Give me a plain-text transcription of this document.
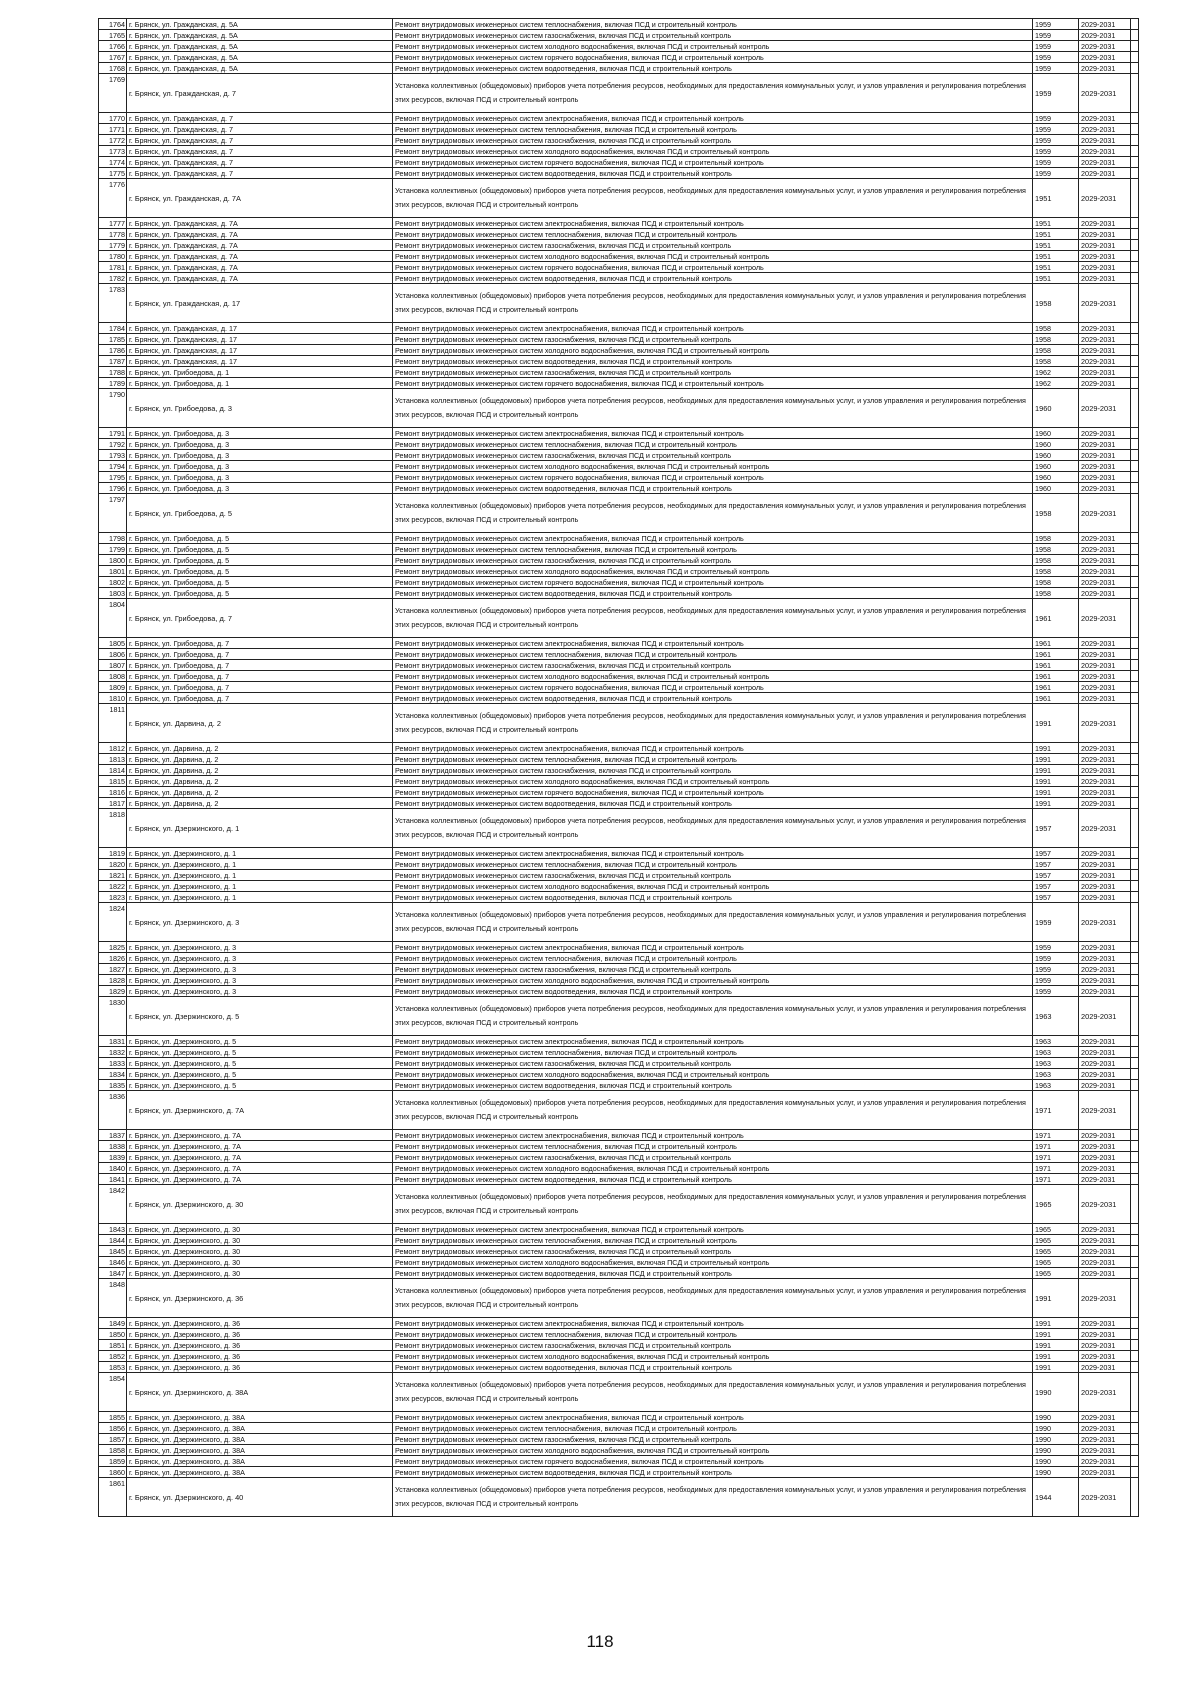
1764	г. Брянск, ул. Гражданская, д. 5А	Ремонт внутридомовых инженерных систем теплоснабжения, включая ПСД и строительный контроль	1959	2029-2031	
1765	г. Брянск, ул. Гражданская, д. 5А	Ремонт внутридомовых инженерных систем газоснабжения, включая ПСД и строительный контроль	1959	2029-2031	
1766	г. Брянск, ул. Гражданская, д. 5А	Ремонт внутридомовых инженерных систем холодного водоснабжения, включая ПСД и строительный контроль	1959	2029-2031	
1767	г. Брянск, ул. Гражданская, д. 5А	Ремонт внутридомовых инженерных систем горячего водоснабжения, включая ПСД и строительный контроль	1959	2029-2031	
1768	г. Брянск, ул. Гражданская, д. 5А	Ремонт внутридомовых инженерных систем водоотведения, включая ПСД и строительный контроль	1959	2029-2031	
1769	г. Брянск, ул. Гражданская, д. 7	Установка коллективных (общедомовых) приборов учета потребления ресурсов, необходимых для предоставления коммунальных услуг, и узлов управления и регулирования потребления этих ресурсов, включая ПСД и строительный контроль	1959	2029-2031	
1770	г. Брянск, ул. Гражданская, д. 7	Ремонт внутридомовых инженерных систем электроснабжения, включая ПСД и строительный контроль	1959	2029-2031	
1771	г. Брянск, ул. Гражданская, д. 7	Ремонт внутридомовых инженерных систем теплоснабжения, включая ПСД и строительный контроль	1959	2029-2031	
1772	г. Брянск, ул. Гражданская, д. 7	Ремонт внутридомовых инженерных систем газоснабжения, включая ПСД и строительный контроль	1959	2029-2031	
1773	г. Брянск, ул. Гражданская, д. 7	Ремонт внутридомовых инженерных систем холодного водоснабжения, включая ПСД и строительный контроль	1959	2029-2031	
1774	г. Брянск, ул. Гражданская, д. 7	Ремонт внутридомовых инженерных систем горячего водоснабжения, включая ПСД и строительный контроль	1959	2029-2031	
1775	г. Брянск, ул. Гражданская, д. 7	Ремонт внутридомовых инженерных систем водоотведения, включая ПСД и строительный контроль	1959	2029-2031	
1776	г. Брянск, ул. Гражданская, д. 7А	Установка коллективных (общедомовых) приборов учета потребления ресурсов, необходимых для предоставления коммунальных услуг, и узлов управления и регулирования потребления этих ресурсов, включая ПСД и строительный контроль	1951	2029-2031	
1777	г. Брянск, ул. Гражданская, д. 7А	Ремонт внутридомовых инженерных систем электроснабжения, включая ПСД и строительный контроль	1951	2029-2031	
1778	г. Брянск, ул. Гражданская, д. 7А	Ремонт внутридомовых инженерных систем теплоснабжения, включая ПСД и строительный контроль	1951	2029-2031	
1779	г. Брянск, ул. Гражданская, д. 7А	Ремонт внутридомовых инженерных систем газоснабжения, включая ПСД и строительный контроль	1951	2029-2031	
1780	г. Брянск, ул. Гражданская, д. 7А	Ремонт внутридомовых инженерных систем холодного водоснабжения, включая ПСД и строительный контроль	1951	2029-2031	
1781	г. Брянск, ул. Гражданская, д. 7А	Ремонт внутридомовых инженерных систем горячего водоснабжения, включая ПСД и строительный контроль	1951	2029-2031	
1782	г. Брянск, ул. Гражданская, д. 7А	Ремонт внутридомовых инженерных систем водоотведения, включая ПСД и строительный контроль	1951	2029-2031	
1783	г. Брянск, ул. Гражданская, д. 17	Установка коллективных (общедомовых) приборов учета потребления ресурсов, необходимых для предоставления коммунальных услуг, и узлов управления и регулирования потребления этих ресурсов, включая ПСД и строительный контроль	1958	2029-2031	
1784	г. Брянск, ул. Гражданская, д. 17	Ремонт внутридомовых инженерных систем электроснабжения, включая ПСД и строительный контроль	1958	2029-2031	
1785	г. Брянск, ул. Гражданская, д. 17	Ремонт внутридомовых инженерных систем газоснабжения, включая ПСД и строительный контроль	1958	2029-2031	
1786	г. Брянск, ул. Гражданская, д. 17	Ремонт внутридомовых инженерных систем холодного водоснабжения, включая ПСД и строительный контроль	1958	2029-2031	
1787	г. Брянск, ул. Гражданская, д. 17	Ремонт внутридомовых инженерных систем водоотведения, включая ПСД и строительный контроль	1958	2029-2031	
1788	г. Брянск, ул. Грибоедова, д. 1	Ремонт внутридомовых инженерных систем газоснабжения, включая ПСД и строительный контроль	1962	2029-2031	
1789	г. Брянск, ул. Грибоедова, д. 1	Ремонт внутридомовых инженерных систем горячего водоснабжения, включая ПСД и строительный контроль	1962	2029-2031	
1790	г. Брянск, ул. Грибоедова, д. 3	Установка коллективных (общедомовых) приборов учета потребления ресурсов, необходимых для предоставления коммунальных услуг, и узлов управления и регулирования потребления этих ресурсов, включая ПСД и строительный контроль	1960	2029-2031	
1791	г. Брянск, ул. Грибоедова, д. 3	Ремонт внутридомовых инженерных систем электроснабжения, включая ПСД и строительный контроль	1960	2029-2031	
1792	г. Брянск, ул. Грибоедова, д. 3	Ремонт внутридомовых инженерных систем теплоснабжения, включая ПСД и строительный контроль	1960	2029-2031	
1793	г. Брянск, ул. Грибоедова, д. 3	Ремонт внутридомовых инженерных систем газоснабжения, включая ПСД и строительный контроль	1960	2029-2031	
1794	г. Брянск, ул. Грибоедова, д. 3	Ремонт внутридомовых инженерных систем холодного водоснабжения, включая ПСД и строительный контроль	1960	2029-2031	
1795	г. Брянск, ул. Грибоедова, д. 3	Ремонт внутридомовых инженерных систем горячего водоснабжения, включая ПСД и строительный контроль	1960	2029-2031	
1796	г. Брянск, ул. Грибоедова, д. 3	Ремонт внутридомовых инженерных систем водоотведения, включая ПСД и строительный контроль	1960	2029-2031	
1797	г. Брянск, ул. Грибоедова, д. 5	Установка коллективных (общедомовых) приборов учета потребления ресурсов, необходимых для предоставления коммунальных услуг, и узлов управления и регулирования потребления этих ресурсов, включая ПСД и строительный контроль	1958	2029-2031	
1798	г. Брянск, ул. Грибоедова, д. 5	Ремонт внутридомовых инженерных систем электроснабжения, включая ПСД и строительный контроль	1958	2029-2031	
1799	г. Брянск, ул. Грибоедова, д. 5	Ремонт внутридомовых инженерных систем теплоснабжения, включая ПСД и строительный контроль	1958	2029-2031	
1800	г. Брянск, ул. Грибоедова, д. 5	Ремонт внутридомовых инженерных систем газоснабжения, включая ПСД и строительный контроль	1958	2029-2031	
1801	г. Брянск, ул. Грибоедова, д. 5	Ремонт внутридомовых инженерных систем холодного водоснабжения, включая ПСД и строительный контроль	1958	2029-2031	
1802	г. Брянск, ул. Грибоедова, д. 5	Ремонт внутридомовых инженерных систем горячего водоснабжения, включая ПСД и строительный контроль	1958	2029-2031	
1803	г. Брянск, ул. Грибоедова, д. 5	Ремонт внутридомовых инженерных систем водоотведения, включая ПСД и строительный контроль	1958	2029-2031	
1804	г. Брянск, ул. Грибоедова, д. 7	Установка коллективных (общедомовых) приборов учета потребления ресурсов, необходимых для предоставления коммунальных услуг, и узлов управления и регулирования потребления этих ресурсов, включая ПСД и строительный контроль	1961	2029-2031	
1805	г. Брянск, ул. Грибоедова, д. 7	Ремонт внутридомовых инженерных систем электроснабжения, включая ПСД и строительный контроль	1961	2029-2031	
1806	г. Брянск, ул. Грибоедова, д. 7	Ремонт внутридомовых инженерных систем теплоснабжения, включая ПСД и строительный контроль	1961	2029-2031	
1807	г. Брянск, ул. Грибоедова, д. 7	Ремонт внутридомовых инженерных систем газоснабжения, включая ПСД и строительный контроль	1961	2029-2031	
1808	г. Брянск, ул. Грибоедова, д. 7	Ремонт внутридомовых инженерных систем холодного водоснабжения, включая ПСД и строительный контроль	1961	2029-2031	
1809	г. Брянск, ул. Грибоедова, д. 7	Ремонт внутридомовых инженерных систем горячего водоснабжения, включая ПСД и строительный контроль	1961	2029-2031	
1810	г. Брянск, ул. Грибоедова, д. 7	Ремонт внутридомовых инженерных систем водоотведения, включая ПСД и строительный контроль	1961	2029-2031	
1811	г. Брянск, ул. Дарвина, д. 2	Установка коллективных (общедомовых) приборов учета потребления ресурсов, необходимых для предоставления коммунальных услуг, и узлов управления и регулирования потребления этих ресурсов, включая ПСД и строительный контроль	1991	2029-2031	
1812	г. Брянск, ул. Дарвина, д. 2	Ремонт внутридомовых инженерных систем электроснабжения, включая ПСД и строительный контроль	1991	2029-2031	
1813	г. Брянск, ул. Дарвина, д. 2	Ремонт внутридомовых инженерных систем теплоснабжения, включая ПСД и строительный контроль	1991	2029-2031	
1814	г. Брянск, ул. Дарвина, д. 2	Ремонт внутридомовых инженерных систем газоснабжения, включая ПСД и строительный контроль	1991	2029-2031	
1815	г. Брянск, ул. Дарвина, д. 2	Ремонт внутридомовых инженерных систем холодного водоснабжения, включая ПСД и строительный контроль	1991	2029-2031	
1816	г. Брянск, ул. Дарвина, д. 2	Ремонт внутридомовых инженерных систем горячего водоснабжения, включая ПСД и строительный контроль	1991	2029-2031	
1817	г. Брянск, ул. Дарвина, д. 2	Ремонт внутридомовых инженерных систем водоотведения, включая ПСД и строительный контроль	1991	2029-2031	
1818	г. Брянск, ул. Дзержинского, д. 1	Установка коллективных (общедомовых) приборов учета потребления ресурсов, необходимых для предоставления коммунальных услуг, и узлов управления и регулирования потребления этих ресурсов, включая ПСД и строительный контроль	1957	2029-2031	
1819	г. Брянск, ул. Дзержинского, д. 1	Ремонт внутридомовых инженерных систем электроснабжения, включая ПСД и строительный контроль	1957	2029-2031	
1820	г. Брянск, ул. Дзержинского, д. 1	Ремонт внутридомовых инженерных систем теплоснабжения, включая ПСД и строительный контроль	1957	2029-2031	
1821	г. Брянск, ул. Дзержинского, д. 1	Ремонт внутридомовых инженерных систем газоснабжения, включая ПСД и строительный контроль	1957	2029-2031	
1822	г. Брянск, ул. Дзержинского, д. 1	Ремонт внутридомовых инженерных систем холодного водоснабжения, включая ПСД и строительный контроль	1957	2029-2031	
1823	г. Брянск, ул. Дзержинского, д. 1	Ремонт внутридомовых инженерных систем водоотведения, включая ПСД и строительный контроль	1957	2029-2031	
1824	г. Брянск, ул. Дзержинского, д. 3	Установка коллективных (общедомовых) приборов учета потребления ресурсов, необходимых для предоставления коммунальных услуг, и узлов управления и регулирования потребления этих ресурсов, включая ПСД и строительный контроль	1959	2029-2031	
1825	г. Брянск, ул. Дзержинского, д. 3	Ремонт внутридомовых инженерных систем электроснабжения, включая ПСД и строительный контроль	1959	2029-2031	
1826	г. Брянск, ул. Дзержинского, д. 3	Ремонт внутридомовых инженерных систем теплоснабжения, включая ПСД и строительный контроль	1959	2029-2031	
1827	г. Брянск, ул. Дзержинского, д. 3	Ремонт внутридомовых инженерных систем газоснабжения, включая ПСД и строительный контроль	1959	2029-2031	
1828	г. Брянск, ул. Дзержинского, д. 3	Ремонт внутридомовых инженерных систем холодного водоснабжения, включая ПСД и строительный контроль	1959	2029-2031	
1829	г. Брянск, ул. Дзержинского, д. 3	Ремонт внутридомовых инженерных систем водоотведения, включая ПСД и строительный контроль	1959	2029-2031	
1830	г. Брянск, ул. Дзержинского, д. 5	Установка коллективных (общедомовых) приборов учета потребления ресурсов, необходимых для предоставления коммунальных услуг, и узлов управления и регулирования потребления этих ресурсов, включая ПСД и строительный контроль	1963	2029-2031	
1831	г. Брянск, ул. Дзержинского, д. 5	Ремонт внутридомовых инженерных систем электроснабжения, включая ПСД и строительный контроль	1963	2029-2031	
1832	г. Брянск, ул. Дзержинского, д. 5	Ремонт внутридомовых инженерных систем теплоснабжения, включая ПСД и строительный контроль	1963	2029-2031	
1833	г. Брянск, ул. Дзержинского, д. 5	Ремонт внутридомовых инженерных систем газоснабжения, включая ПСД и строительный контроль	1963	2029-2031	
1834	г. Брянск, ул. Дзержинского, д. 5	Ремонт внутридомовых инженерных систем холодного водоснабжения, включая ПСД и строительный контроль	1963	2029-2031	
1835	г. Брянск, ул. Дзержинского, д. 5	Ремонт внутридомовых инженерных систем водоотведения, включая ПСД и строительный контроль	1963	2029-2031	
1836	г. Брянск, ул. Дзержинского, д. 7А	Установка коллективных (общедомовых) приборов учета потребления ресурсов, необходимых для предоставления коммунальных услуг, и узлов управления и регулирования потребления этих ресурсов, включая ПСД и строительный контроль	1971	2029-2031	
1837	г. Брянск, ул. Дзержинского, д. 7А	Ремонт внутридомовых инженерных систем электроснабжения, включая ПСД и строительный контроль	1971	2029-2031	
1838	г. Брянск, ул. Дзержинского, д. 7А	Ремонт внутридомовых инженерных систем теплоснабжения, включая ПСД и строительный контроль	1971	2029-2031	
1839	г. Брянск, ул. Дзержинского, д. 7А	Ремонт внутридомовых инженерных систем газоснабжения, включая ПСД и строительный контроль	1971	2029-2031	
1840	г. Брянск, ул. Дзержинского, д. 7А	Ремонт внутридомовых инженерных систем холодного водоснабжения, включая ПСД и строительный контроль	1971	2029-2031	
1841	г. Брянск, ул. Дзержинского, д. 7А	Ремонт внутридомовых инженерных систем водоотведения, включая ПСД и строительный контроль	1971	2029-2031	
1842	г. Брянск, ул. Дзержинского, д. 30	Установка коллективных (общедомовых) приборов учета потребления ресурсов, необходимых для предоставления коммунальных услуг, и узлов управления и регулирования потребления этих ресурсов, включая ПСД и строительный контроль	1965	2029-2031	
1843	г. Брянск, ул. Дзержинского, д. 30	Ремонт внутридомовых инженерных систем электроснабжения, включая ПСД и строительный контроль	1965	2029-2031	
1844	г. Брянск, ул. Дзержинского, д. 30	Ремонт внутридомовых инженерных систем теплоснабжения, включая ПСД и строительный контроль	1965	2029-2031	
1845	г. Брянск, ул. Дзержинского, д. 30	Ремонт внутридомовых инженерных систем газоснабжения, включая ПСД и строительный контроль	1965	2029-2031	
1846	г. Брянск, ул. Дзержинского, д. 30	Ремонт внутридомовых инженерных систем холодного водоснабжения, включая ПСД и строительный контроль	1965	2029-2031	
1847	г. Брянск, ул. Дзержинского, д. 30	Ремонт внутридомовых инженерных систем водоотведения, включая ПСД и строительный контроль	1965	2029-2031	
1848	г. Брянск, ул. Дзержинского, д. 36	Установка коллективных (общедомовых) приборов учета потребления ресурсов, необходимых для предоставления коммунальных услуг, и узлов управления и регулирования потребления этих ресурсов, включая ПСД и строительный контроль	1991	2029-2031	
1849	г. Брянск, ул. Дзержинского, д. 36	Ремонт внутридомовых инженерных систем электроснабжения, включая ПСД и строительный контроль	1991	2029-2031	
1850	г. Брянск, ул. Дзержинского, д. 36	Ремонт внутридомовых инженерных систем теплоснабжения, включая ПСД и строительный контроль	1991	2029-2031	
1851	г. Брянск, ул. Дзержинского, д. 36	Ремонт внутридомовых инженерных систем газоснабжения, включая ПСД и строительный контроль	1991	2029-2031	
1852	г. Брянск, ул. Дзержинского, д. 36	Ремонт внутридомовых инженерных систем холодного водоснабжения, включая ПСД и строительный контроль	1991	2029-2031	
1853	г. Брянск, ул. Дзержинского, д. 36	Ремонт внутридомовых инженерных систем водоотведения, включая ПСД и строительный контроль	1991	2029-2031	
1854	г. Брянск, ул. Дзержинского, д. 38А	Установка коллективных (общедомовых) приборов учета потребления ресурсов, необходимых для предоставления коммунальных услуг, и узлов управления и регулирования потребления этих ресурсов, включая ПСД и строительный контроль	1990	2029-2031	
1855	г. Брянск, ул. Дзержинского, д. 38А	Ремонт внутридомовых инженерных систем электроснабжения, включая ПСД и строительный контроль	1990	2029-2031	
1856	г. Брянск, ул. Дзержинского, д. 38А	Ремонт внутридомовых инженерных систем теплоснабжения, включая ПСД и строительный контроль	1990	2029-2031	
1857	г. Брянск, ул. Дзержинского, д. 38А	Ремонт внутридомовых инженерных систем газоснабжения, включая ПСД и строительный контроль	1990	2029-2031	
1858	г. Брянск, ул. Дзержинского, д. 38А	Ремонт внутридомовых инженерных систем холодного водоснабжения, включая ПСД и строительный контроль	1990	2029-2031	
1859	г. Брянск, ул. Дзержинского, д. 38А	Ремонт внутридомовых инженерных систем горячего водоснабжения, включая ПСД и строительный контроль	1990	2029-2031	
1860	г. Брянск, ул. Дзержинского, д. 38А	Ремонт внутридомовых инженерных систем водоотведения, включая ПСД и строительный контроль	1990	2029-2031	
1861	г. Брянск, ул. Дзержинского, д. 40	Установка коллективных (общедомовых) приборов учета потребления ресурсов, необходимых для предоставления коммунальных услуг, и узлов управления и регулирования потребления этих ресурсов, включая ПСД и строительный контроль	1944	2029-2031	
118
